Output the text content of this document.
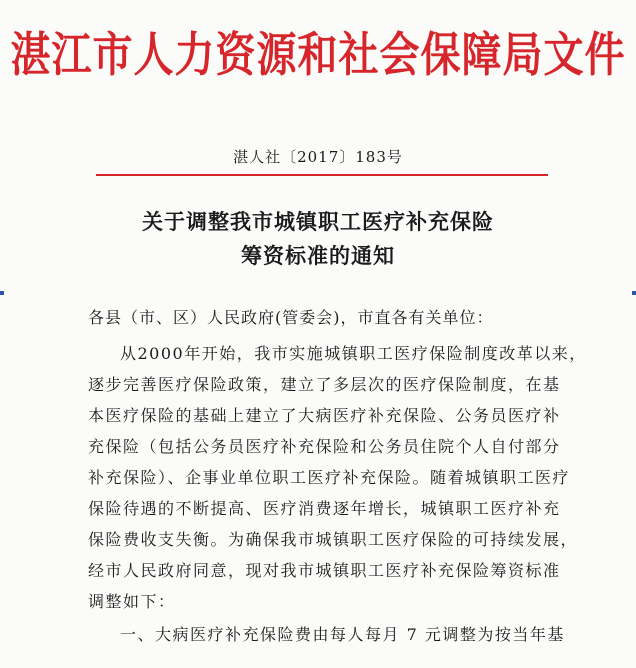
湛江市人力资源和社会保障局文件
湛人社〔2017〕183号
关于调整我市城镇职工医疗补充保险
筹资标准的通知
各县（市、区）人民政府(管委会)，市直各有关单位：
从2000年开始，我市实施城镇职工医疗保险制度改革以来，
逐步完善医疗保险政策，建立了多层次的医疗保险制度，在基
本医疗保险的基础上建立了大病医疗补充保险、公务员医疗补
充保险（包括公务员医疗补充保险和公务员住院个人自付部分
补充保险）、企事业单位职工医疗补充保险。随着城镇职工医疗
保险待遇的不断提高、医疗消费逐年增长，城镇职工医疗补充
保险费收支失衡。为确保我市城镇职工医疗保险的可持续发展，
经市人民政府同意，现对我市城镇职工医疗补充保险筹资标准
调整如下：
一、大病医疗补充保险费由每人每月 7 元调整为按当年基
